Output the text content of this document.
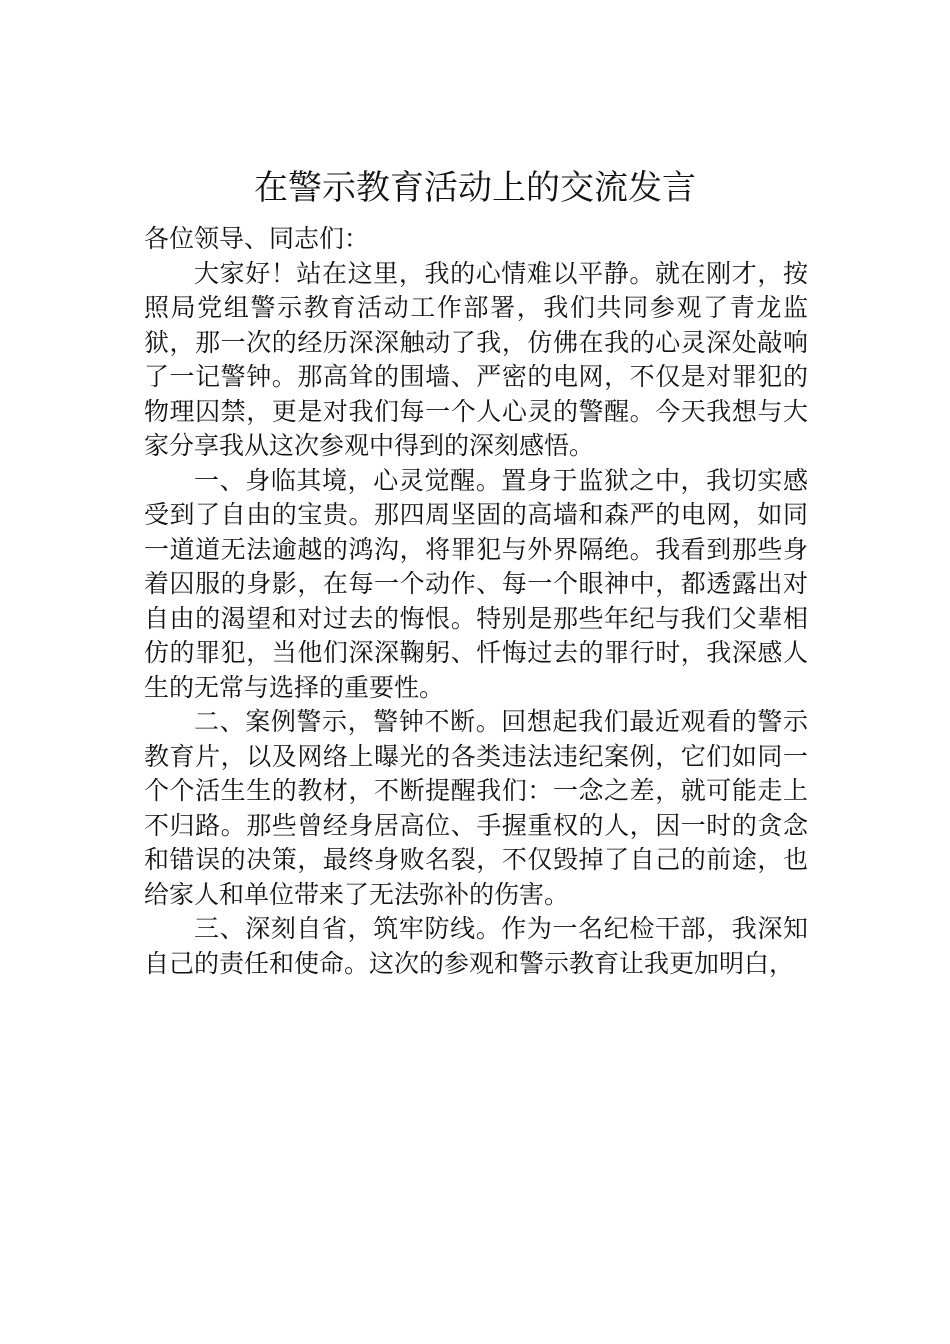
在警示教育活动上的交流发言

各位领导、同志们：

大家好！站在这里，我的心情难以平静。就在刚才，按照局党组警示教育活动工作部署，我们共同参观了青龙监狱，那一次的经历深深触动了我，仿佛在我的心灵深处敲响了一记警钟。那高耸的围墙、严密的电网，不仅是对罪犯的物理囚禁，更是对我们每一个人心灵的警醒。今天我想与大家分享我从这次参观中得到的深刻感悟。

一、身临其境，心灵觉醒。置身于监狱之中，我切实感受到了自由的宝贵。那四周坚固的高墙和森严的电网，如同一道道无法逾越的鸿沟，将罪犯与外界隔绝。我看到那些身着囚服的身影，在每一个动作、每一个眼神中，都透露出对自由的渴望和对过去的悔恨。特别是那些年纪与我们父辈相仿的罪犯，当他们深深鞠躬、忏悔过去的罪行时，我深感人生的无常与选择的重要性。

二、案例警示，警钟不断。回想起我们最近观看的警示教育片，以及网络上曝光的各类违法违纪案例，它们如同一个个活生生的教材，不断提醒我们：一念之差，就可能走上不归路。那些曾经身居高位、手握重权的人，因一时的贪念和错误的决策，最终身败名裂，不仅毁掉了自己的前途，也给家人和单位带来了无法弥补的伤害。

三、深刻自省，筑牢防线。作为一名纪检干部，我深知自己的责任和使命。这次的参观和警示教育让我更加明白，
